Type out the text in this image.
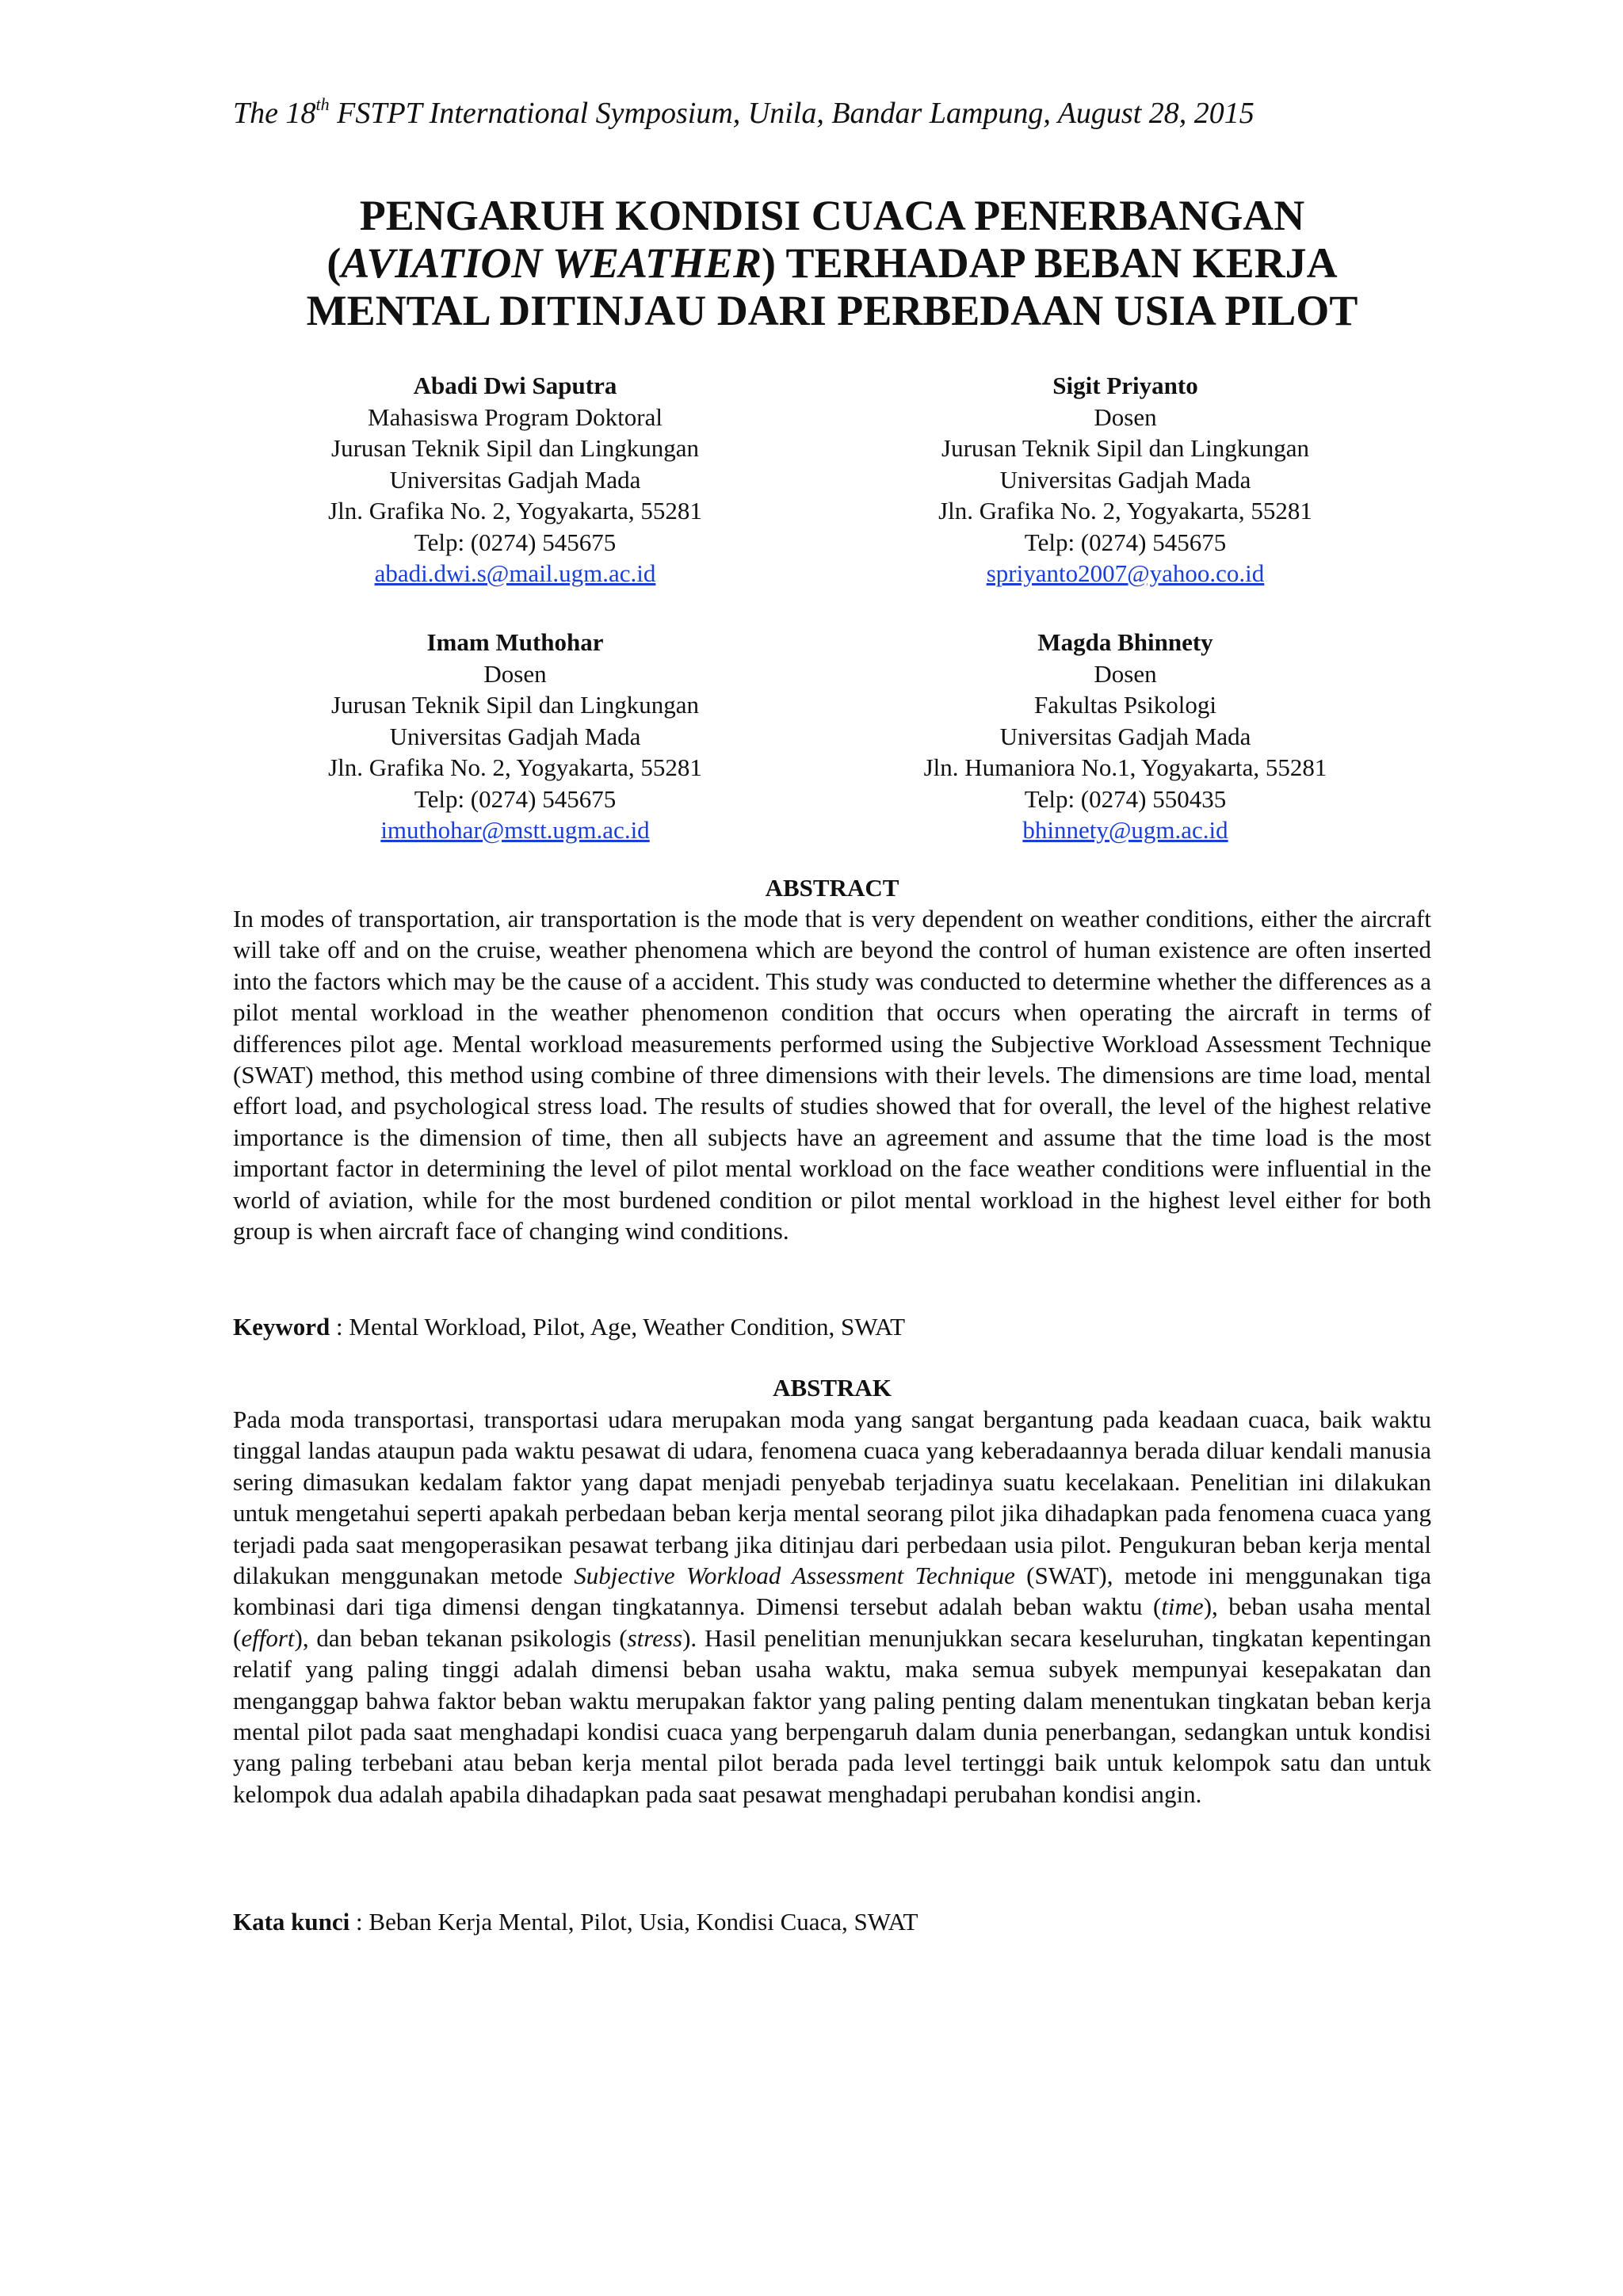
The 18th FSTPT International Symposium, Unila, Bandar Lampung, August 28, 2015
PENGARUH KONDISI CUACA PENERBANGAN
(AVIATION WEATHER) TERHADAP BEBAN KERJA
MENTAL DITINJAU DARI PERBEDAAN USIA PILOT
Abadi Dwi Saputra
Mahasiswa Program Doktoral
Jurusan Teknik Sipil dan Lingkungan
Universitas Gadjah Mada
Jln. Grafika No. 2, Yogyakarta, 55281
Telp: (0274) 545675
abadi.dwi.s@mail.ugm.ac.id
Sigit Priyanto
Dosen
Jurusan Teknik Sipil dan Lingkungan
Universitas Gadjah Mada
Jln. Grafika No. 2, Yogyakarta, 55281
Telp: (0274) 545675
spriyanto2007@yahoo.co.id
Imam Muthohar
Dosen
Jurusan Teknik Sipil dan Lingkungan
Universitas Gadjah Mada
Jln. Grafika No. 2, Yogyakarta, 55281
Telp: (0274) 545675
imuthohar@mstt.ugm.ac.id
Magda Bhinnety
Dosen
Fakultas Psikologi
Universitas Gadjah Mada
Jln. Humaniora No.1, Yogyakarta, 55281
Telp: (0274) 550435
bhinnety@ugm.ac.id
ABSTRACT

In modes of transportation, air transportation is the mode that is very dependent on weather conditions, either the aircraft will take off and on the cruise, weather phenomena which are beyond the control of human existence are often inserted into the factors which may be the cause of a accident. This study was conducted to determine whether the differences as a pilot mental workload in the weather phenomenon condition that occurs when operating the aircraft in terms of differences pilot age. Mental workload measurements performed using the Subjective Workload Assessment Technique (SWAT) method, this method using combine of three dimensions with their levels. The dimensions are time load, mental effort load, and psychological stress load. The results of studies showed that for overall, the level of the highest relative importance is the dimension of time, then all subjects have an agreement and assume that the time load is the most important factor in determining the level of pilot mental workload on the face weather conditions were influential in the world of aviation, while for the most burdened condition or pilot mental workload in the highest level either for both group is when aircraft face of changing wind conditions.

Keyword : Mental Workload, Pilot, Age, Weather Condition, SWAT

ABSTRAK

Pada moda transportasi, transportasi udara merupakan moda yang sangat bergantung pada keadaan cuaca, baik waktu tinggal landas ataupun pada waktu pesawat di udara, fenomena cuaca yang keberadaannya berada diluar kendali manusia sering dimasukan kedalam faktor yang dapat menjadi penyebab terjadinya suatu kecelakaan. Penelitian ini dilakukan untuk mengetahui seperti apakah perbedaan beban kerja mental seorang pilot jika dihadapkan pada fenomena cuaca yang terjadi pada saat mengoperasikan pesawat terbang jika ditinjau dari perbedaan usia pilot. Pengukuran beban kerja mental dilakukan menggunakan metode Subjective Workload Assessment Technique (SWAT), metode ini menggunakan tiga kombinasi dari tiga dimensi dengan tingkatannya. Dimensi tersebut adalah beban waktu (time), beban usaha mental (effort), dan beban tekanan psikologis (stress). Hasil penelitian menunjukkan secara keseluruhan, tingkatan kepentingan relatif yang paling tinggi adalah dimensi beban usaha waktu, maka semua subyek mempunyai kesepakatan dan menganggap bahwa faktor beban waktu merupakan faktor yang paling penting dalam menentukan tingkatan beban kerja mental pilot pada saat menghadapi kondisi cuaca yang berpengaruh dalam dunia penerbangan, sedangkan untuk kondisi yang paling terbebani atau beban kerja mental pilot berada pada level tertinggi baik untuk kelompok satu dan untuk kelompok dua adalah apabila dihadapkan pada saat pesawat menghadapi perubahan kondisi angin.

Kata kunci : Beban Kerja Mental, Pilot, Usia, Kondisi Cuaca, SWAT
